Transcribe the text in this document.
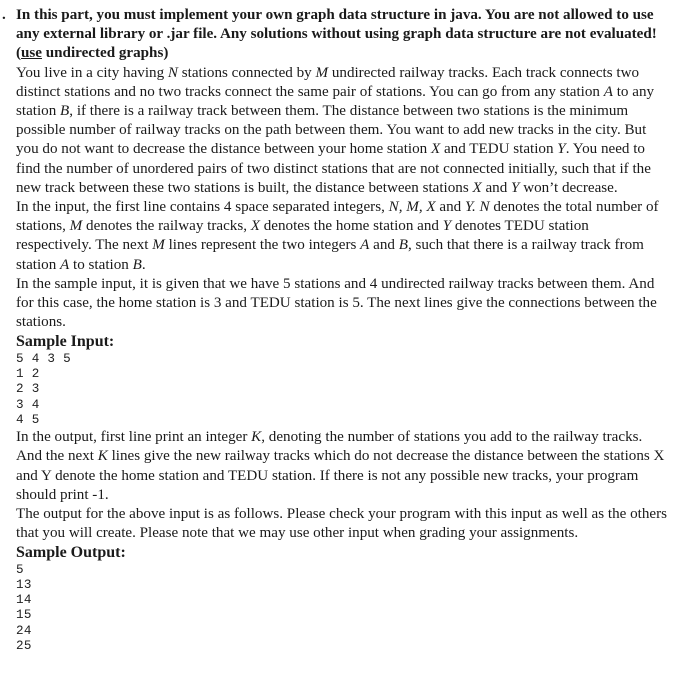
. In this part, you must implement your own graph data structure in java. You are not allowed to use any external library or .jar file. Any solutions without using graph data structure are not evaluated! (use undirected graphs)

You live in a city having N stations connected by M undirected railway tracks. Each track connects two distinct stations and no two tracks connect the same pair of stations. You can go from any station A to any station B, if there is a railway track between them. The distance between two stations is the minimum possible number of railway tracks on the path between them. You want to add new tracks in the city. But you do not want to decrease the distance between your home station X and TEDU station Y. You need to find the number of unordered pairs of two distinct stations that are not connected initially, such that if the new track between these two stations is built, the distance between stations X and Y won’t decrease.

In the input, the first line contains 4 space separated integers, N, M, X and Y. N denotes the total number of stations, M denotes the railway tracks, X denotes the home station and Y denotes TEDU station respectively. The next M lines represent the two integers A and B, such that there is a railway track from station A to station B.

In the sample input, it is given that we have 5 stations and 4 undirected railway tracks between them. And for this case, the home station is 3 and TEDU station is 5. The next lines give the connections between the stations.

Sample Input:
5 4 3 5
1 2
2 3
3 4
4 5

In the output, first line print an integer K, denoting the number of stations you add to the railway tracks. And the next K lines give the new railway tracks which do not decrease the distance between the stations X and Y denote the home station and TEDU station. If there is not any possible new tracks, your program should print -1.

The output for the above input is as follows. Please check your program with this input as well as the others that you will create. Please note that we may use other input when grading your assignments.

Sample Output:
5
13
14
15
24
25
